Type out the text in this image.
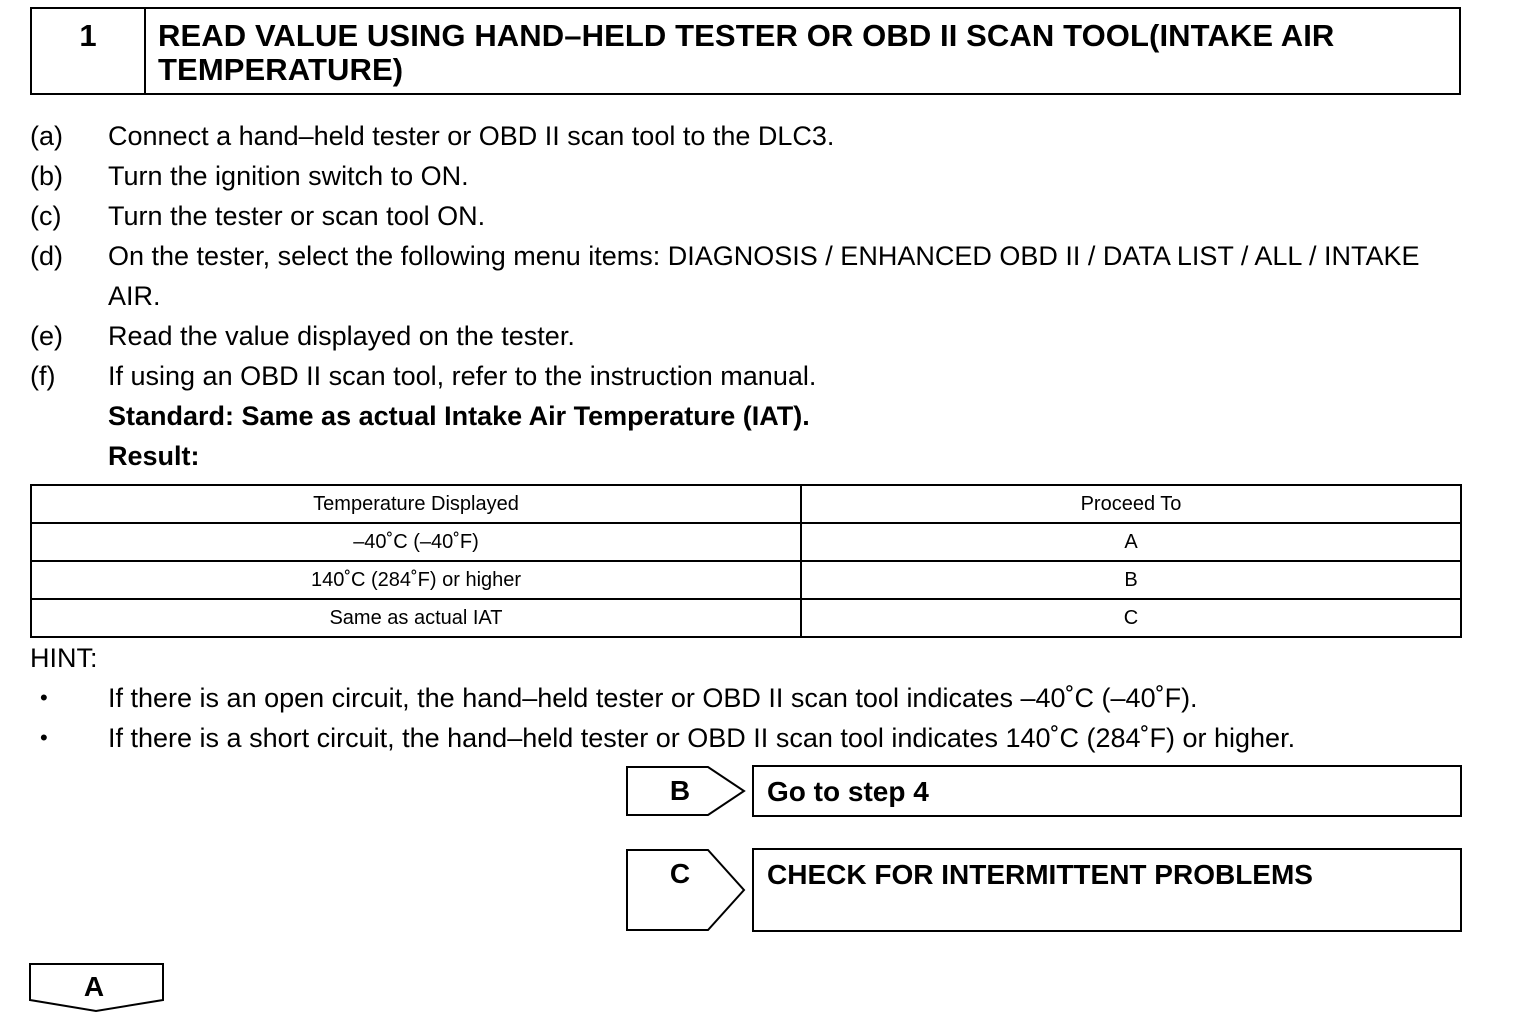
1	READ VALUE USING HAND–HELD TESTER OR OBD II SCAN TOOL(INTAKE AIR TEMPERATURE)
(a) Connect a hand–held tester or OBD II scan tool to the DLC3.
(b) Turn the ignition switch to ON.
(c) Turn the tester or scan tool ON.
(d) On the tester, select the following menu items: DIAGNOSIS / ENHANCED OBD II / DATA LIST / ALL / INTAKE AIR.
(e) Read the value displayed on the tester.
(f) If using an OBD II scan tool, refer to the instruction manual.
Standard: Same as actual Intake Air Temperature (IAT).
Result:
Temperature Displayed	Proceed To
–40˚C (–40˚F)	A
140˚C (284˚F) or higher	B
Same as actual IAT	C
HINT:
• If there is an open circuit, the hand–held tester or OBD II scan tool indicates –40˚C (–40˚F).
• If there is a short circuit, the hand–held tester or OBD II scan tool indicates 140˚C (284˚F) or higher.
B	Go to step 4
C	CHECK FOR INTERMITTENT PROBLEMS
A
